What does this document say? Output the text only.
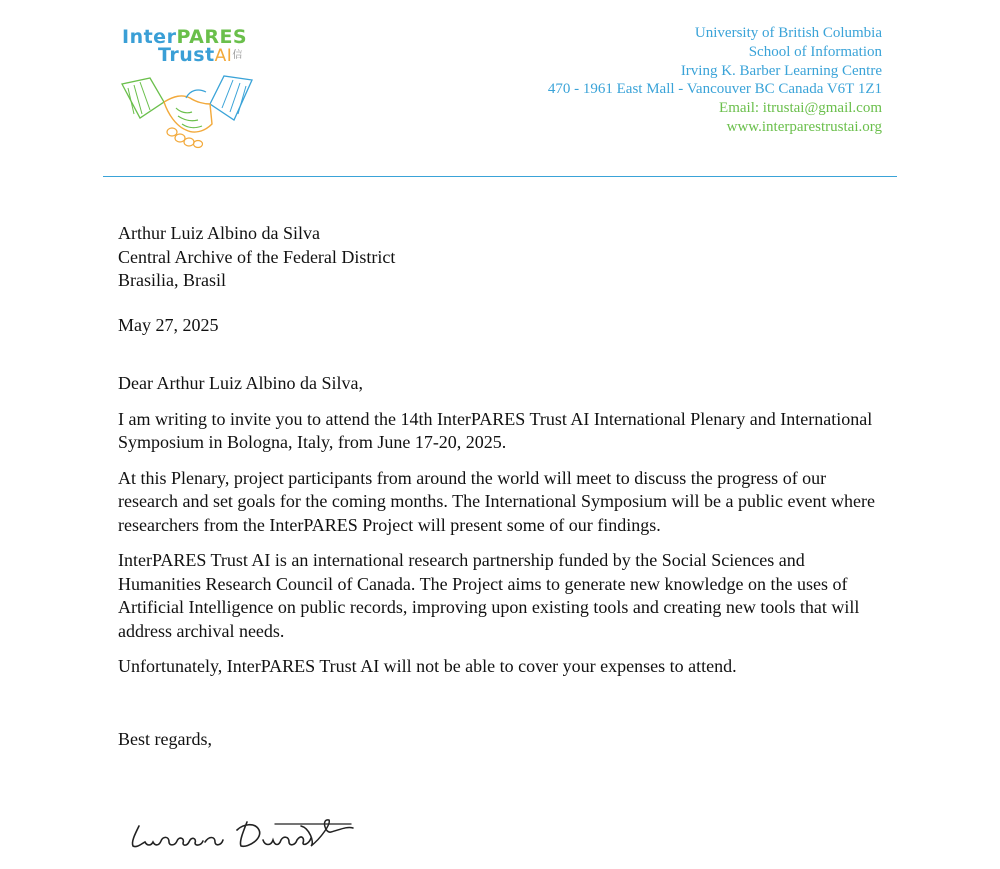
InterPARES
TrustAI信
University of British Columbia
School of Information
Irving K. Barber Learning Centre
470 - 1961 East Mall - Vancouver BC Canada V6T 1Z1
Email: itrustai@gmail.com
www.interparestrustai.org
Arthur Luiz Albino da Silva
Central Archive of the Federal District
Brasilia, Brasil

May 27, 2025

Dear Arthur Luiz Albino da Silva,

I am writing to invite you to attend the 14th InterPARES Trust AI International Plenary and International Symposium in Bologna, Italy, from June 17-20, 2025.

At this Plenary, project participants from around the world will meet to discuss the progress of our research and set goals for the coming months. The International Symposium will be a public event where researchers from the InterPARES Project will present some of our findings.

InterPARES Trust AI is an international research partnership funded by the Social Sciences and Humanities Research Council of Canada. The Project aims to generate new knowledge on the uses of Artificial Intelligence on public records, improving upon existing tools and creating new tools that will address archival needs.

Unfortunately, InterPARES Trust AI will not be able to cover your expenses to attend.

Best regards,
